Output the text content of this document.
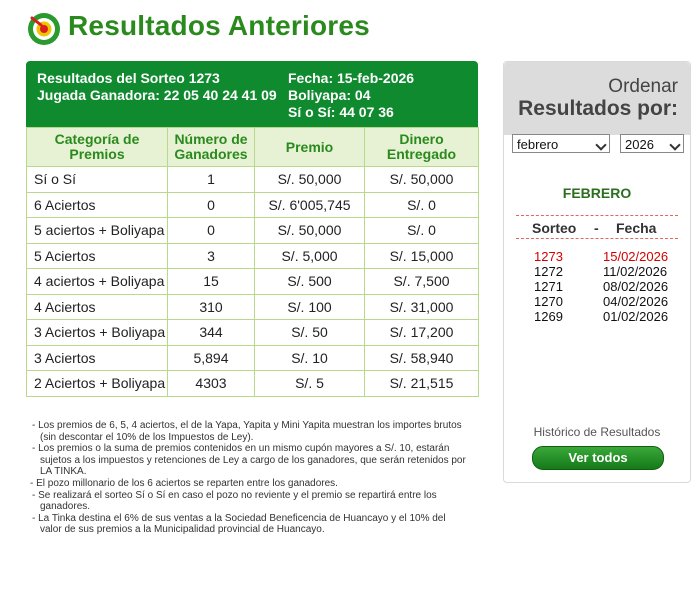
Resultados Anteriores
Resultados del Sorteo 1273
Jugada Ganadora: 22 05 40 24 41 09
Fecha: 15-feb-2026
Boliyapa: 04
Sí o Sí: 44 07 36
Categoría de Premios	Número de Ganadores	Premio	Dinero Entregado
Sí o Sí	1	S/. 50,000	S/. 50,000
6 Aciertos	0	S/. 6'005,745	S/. 0
5 aciertos + Boliyapa	0	S/. 50,000	S/. 0
5 Aciertos	3	S/. 5,000	S/. 15,000
4 aciertos + Boliyapa	15	S/. 500	S/. 7,500
4 Aciertos	310	S/. 100	S/. 31,000
3 Aciertos + Boliyapa	344	S/. 50	S/. 17,200
3 Aciertos	5,894	S/. 10	S/. 58,940
2 Aciertos + Boliyapa	4303	S/. 5	S/. 21,515
- Los premios de 6, 5, 4 aciertos, el de la Yapa, Yapita y Mini Yapita muestran los importes brutos (sin descontar el 10% de los Impuestos de Ley).
- Los premios o la suma de premios contenidos en un mismo cupón mayores a S/. 10, estarán sujetos a los impuestos y retenciones de Ley a cargo de los ganadores, que serán retenidos por LA TINKA.
- El pozo millonario de los 6 aciertos se reparten entre los ganadores.
- Se realizará el sorteo Sí o Sí en caso el pozo no reviente y el premio se repartirá entre los ganadores.
- La Tinka destina el 6% de sus ventas a la Sociedad Beneficencia de Huancayo y el 10% del valor de sus premios a la Municipalidad provincial de Huancayo.
Ordenar
Resultados por:
febrero	2026
FEBRERO
Sorteo - Fecha
1273	15/02/2026
1272	11/02/2026
1271	08/02/2026
1270	04/02/2026
1269	01/02/2026
Histórico de Resultados
Ver todos
